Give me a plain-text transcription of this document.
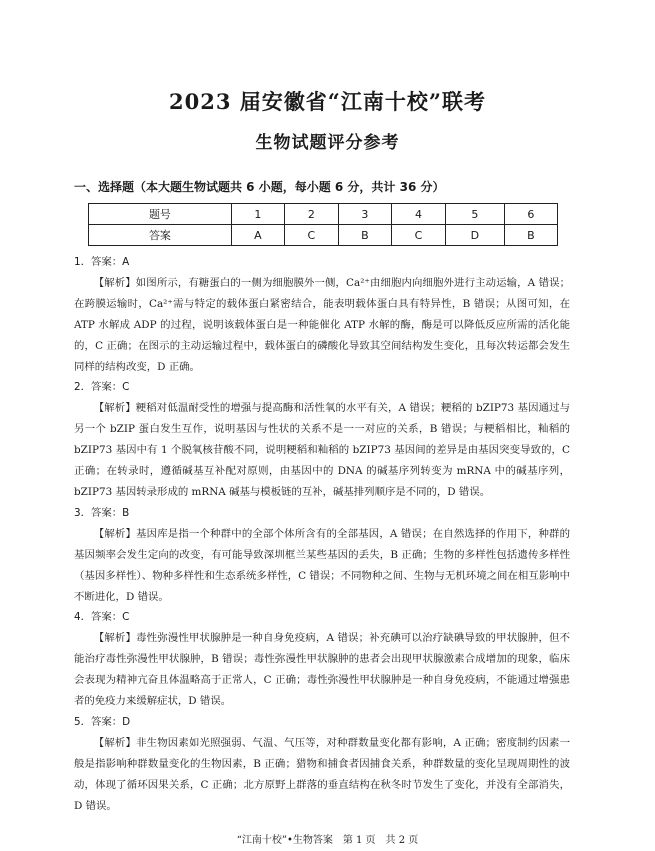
2023 届安徽省“江南十校”联考
生物试题评分参考
一、选择题（本大题生物试题共 6 小题，每小题 6 分，共计 36 分）
题号	1	2	3	4	5	6
答案	A	C	B	C	D	B

1．答案：A

【解析】如图所示，有糖蛋白的一侧为细胞膜外一侧，Ca²⁺由细胞内向细胞外进行主动运输，A 错误；在跨膜运输时，Ca²⁺需与特定的载体蛋白紧密结合，能表明载体蛋白具有特异性，B 错误；从图可知，在 ATP 水解成 ADP 的过程，说明该载体蛋白是一种能催化 ATP 水解的酶，酶是可以降低反应所需的活化能的，C 正确；在图示的主动运输过程中，载体蛋白的磷酸化导致其空间结构发生变化，且每次转运都会发生同样的结构改变，D 正确。

2．答案：C

【解析】粳稻对低温耐受性的增强与提高酶和活性氧的水平有关，A 错误；粳稻的 bZIP73 基因通过与另一个 bZIP 蛋白发生互作，说明基因与性状的关系不是一一对应的关系，B 错误；与粳稻相比，籼稻的 bZIP73 基因中有 1 个脱氧核苷酸不同，说明粳稻和籼稻的 bZIP73 基因间的差异是由基因突变导致的，C 正确；在转录时，遵循碱基互补配对原则，由基因中的 DNA 的碱基序列转变为 mRNA 中的碱基序列，bZIP73 基因转录形成的 mRNA 碱基与模板链的互补，碱基排列顺序是不同的，D 错误。

3．答案：B

【解析】基因库是指一个种群中的全部个体所含有的全部基因，A 错误；在自然选择的作用下，种群的基因频率会发生定向的改变，有可能导致深圳框兰某些基因的丢失，B 正确；生物的多样性包括遗传多样性（基因多样性）、物种多样性和生态系统多样性，C 错误；不同物种之间、生物与无机环境之间在相互影响中不断进化，D 错误。

4．答案：C

【解析】毒性弥漫性甲状腺肿是一种自身免疫病，A 错误；补充碘可以治疗缺碘导致的甲状腺肿，但不能治疗毒性弥漫性甲状腺肿，B 错误；毒性弥漫性甲状腺肿的患者会出现甲状腺激素合成增加的现象，临床会表现为精神亢奋且体温略高于正常人，C 正确；毒性弥漫性甲状腺肿是一种自身免疫病，不能通过增强患者的免疫力来缓解症状，D 错误。

5．答案：D

【解析】非生物因素如光照强弱、气温、气压等，对种群数量变化都有影响，A 正确；密度制约因素一般是指影响种群数量变化的生物因素，B 正确；猎物和捕食者因捕食关系，种群数量的变化呈现周期性的波动，体现了循环因果关系，C 正确；北方原野上群落的垂直结构在秋冬时节发生了变化，并没有全部消失，D 错误。

“江南十校”•生物答案　第 1 页　共 2 页
